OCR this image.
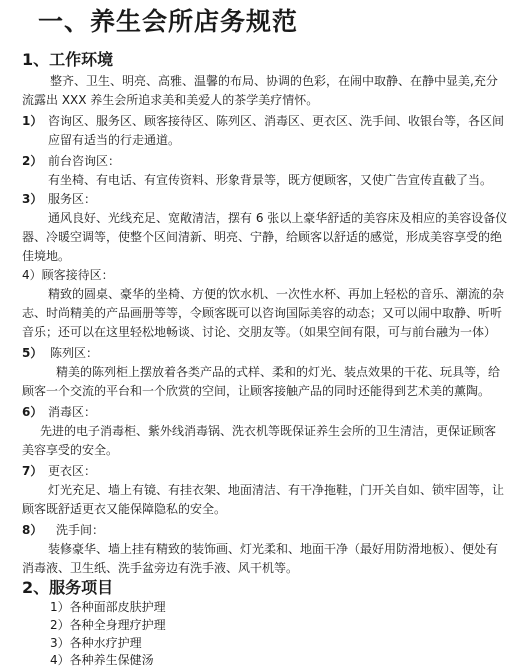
一、养生会所店务规范
1、工作环境
整齐、卫生、明亮、高雅、温馨的布局、协调的色彩，在闹中取静、在静中显美,充分
流露出 XXX 养生会所追求美和美爱人的茶学美疗情怀。
1） 咨询区、服务区、顾客接待区、陈列区、消毒区、更衣区、洗手间、收银台等，各区间
应留有适当的行走通道。
2） 前台咨询区：
有坐椅、有电话、有宣传资料、形象背景等，既方便顾客，又使广告宣传直截了当。
3） 服务区：
通风良好、光线充足、宽敞清洁，摆有 6 张以上豪华舒适的美容床及相应的美容设备仪
器、冷暖空调等，使整个区间清新、明亮、宁静，给顾客以舒适的感觉，形成美容享受的绝
佳境地。
4）顾客接待区：
精致的圆桌、豪华的坐椅、方便的饮水机、一次性水杯、再加上轻松的音乐、潮流的杂
志、时尚精美的产品画册等等，令顾客既可以咨询国际美容的动态；又可以闹中取静、听听
音乐；还可以在这里轻松地畅谈、讨论、交朋友等。（如果空间有限，可与前台融为一体）
5） 陈列区：
精美的陈列柜上摆放着各类产品的式样、柔和的灯光、装点效果的干花、玩具等，给
顾客一个交流的平台和一个欣赏的空间，让顾客接触产品的同时还能得到艺术美的薰陶。
6） 消毒区：
先进的电子消毒柜、紫外线消毒锅、洗衣机等既保证养生会所的卫生清洁，更保证顾客
美容享受的安全。
7） 更衣区：
灯光充足、墙上有镜、有挂衣架、地面清洁、有干净拖鞋，门开关自如、锁牢固等，让
顾客既舒适更衣又能保障隐私的安全。
8） 洗手间：
装修豪华、墙上挂有精致的装饰画、灯光柔和、地面干净（最好用防滑地板）、便处有
消毒液、卫生纸、洗手盆旁边有洗手液、风干机等。
2、服务项目
1）各种面部皮肤护理
2）各种全身理疗护理
3）各种水疗护理
4）各种养生保健汤
